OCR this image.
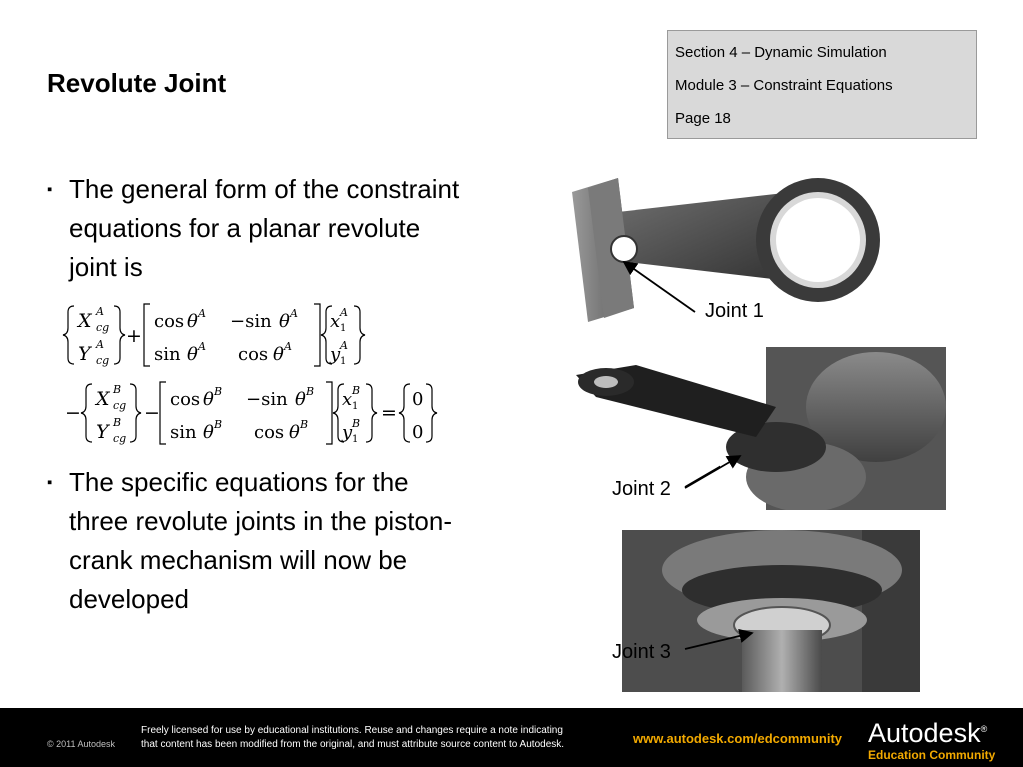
Revolute Joint
Section 4 – Dynamic Simulation
Module 3 – Constraint Equations
Page 18
▪ The general form of the constraint equations for a planar revolute joint is
X A
cg
Y A
cg
+
cos θ A −sin θ A
sin θ A cos θ A
x A
1
y A
1
−
X B
cg
Y B
cg
−
cos θ B −sin θ B
sin θ B cos θ B
x B
1
y B
1
=
0
0
▪ The specific equations for the three revolute joints in the piston-crank mechanism will now be developed
Joint 1
Joint 2
Joint 3
© 2011 Autodesk
Freely licensed for use by educational institutions. Reuse and changes require a note indicating
that content has been modified from the original, and must attribute source content to Autodesk.	www.autodesk.com/edcommunity Autodesk®
Education Community
